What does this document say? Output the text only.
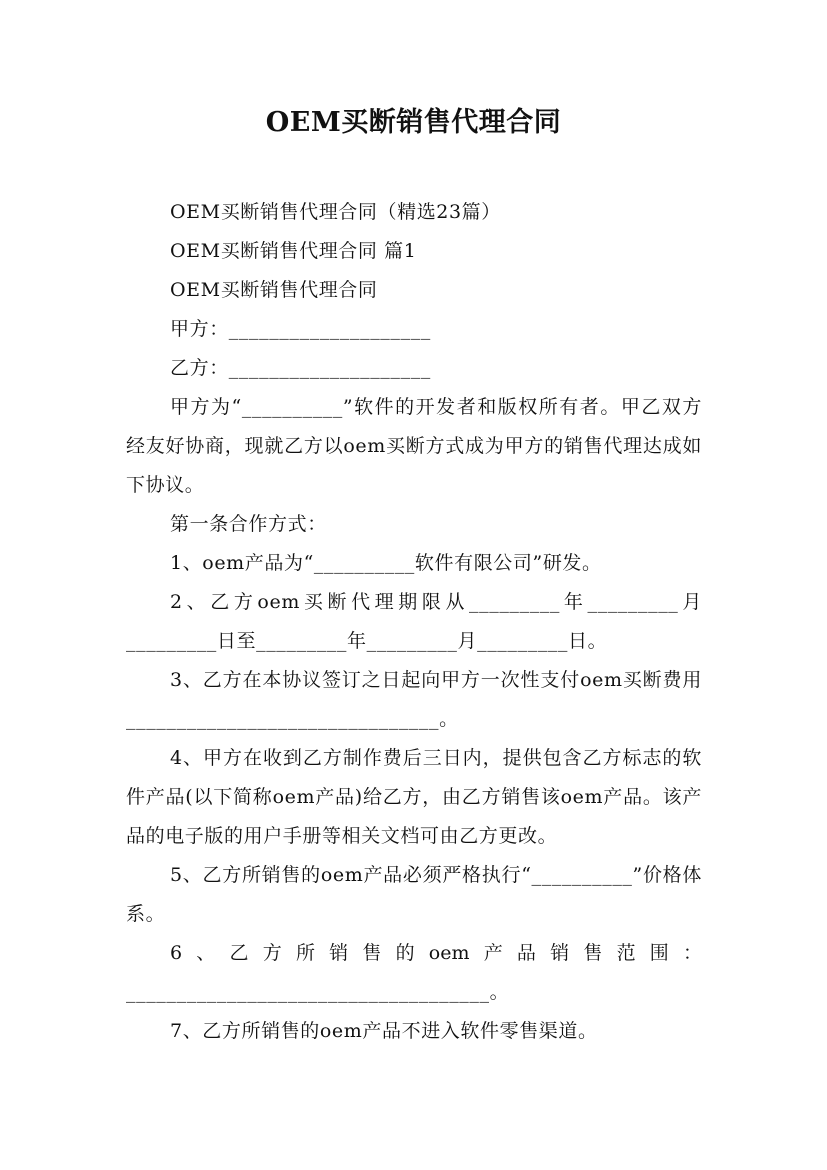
OEM买断销售代理合同

OEM买断销售代理合同（精选23篇）

OEM买断销售代理合同 篇1

OEM买断销售代理合同

甲方：____________________

乙方：____________________

甲方为“__________”软件的开发者和版权所有者。甲乙双方经友好协商，现就乙方以oem买断方式成为甲方的销售代理达成如下协议。

第一条合作方式：

1、oem产品为“__________软件有限公司”研发。

2、乙方oem买断代理期限从_________年_________月_________日至_________年_________月_________日。

3、乙方在本协议签订之日起向甲方一次性支付oem买断费用 _______________________________。

4、甲方在收到乙方制作费后三日内，提供包含乙方标志的软件产品(以下简称oem产品)给乙方，由乙方销售该oem产品。该产品的电子版的用户手册等相关文档可由乙方更改。

5、乙方所销售的oem产品必须严格执行“__________”价格体系。

6、乙方所销售的oem产品销售范围：

____________________________________。

7、乙方所销售的oem产品不进入软件零售渠道。
